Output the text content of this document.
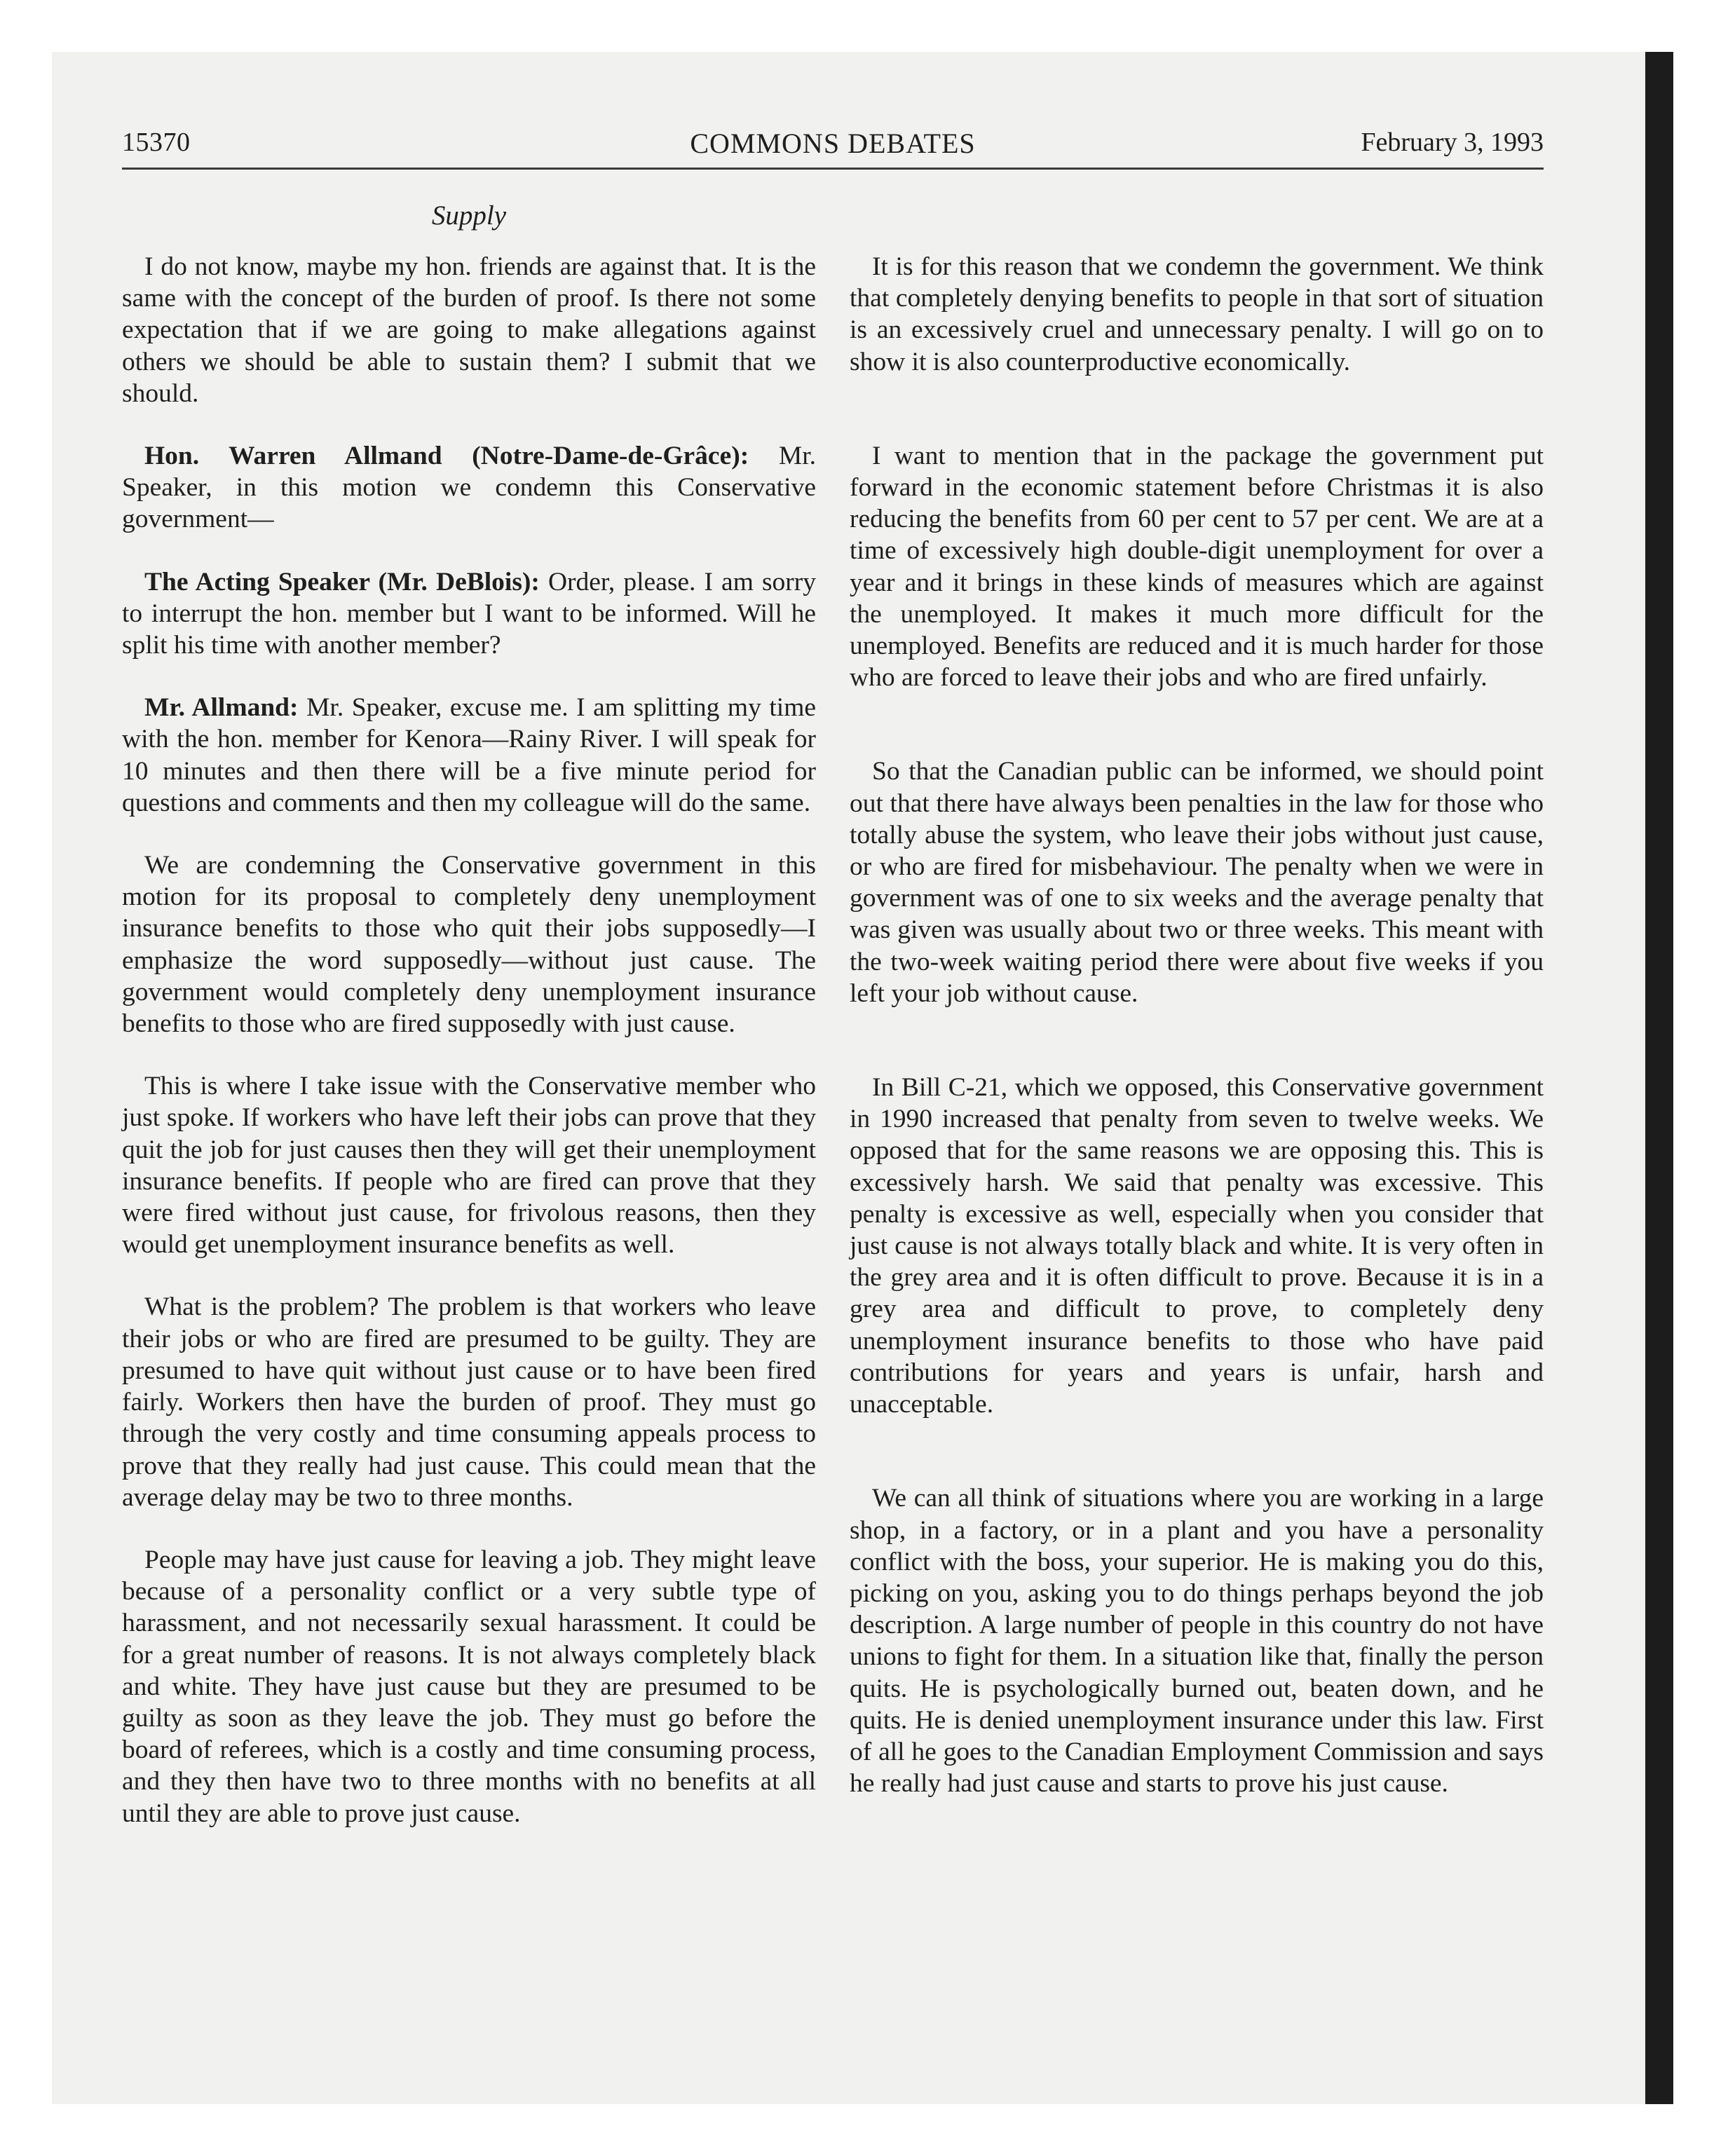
15370	COMMONS DEBATES	February 3, 1993
Supply

I do not know, maybe my hon. friends are against that. It is the same with the concept of the burden of proof. Is there not some expectation that if we are going to make allegations against others we should be able to sustain them? I submit that we should.

Hon. Warren Allmand (Notre-Dame-de-Grâce): Mr. Speaker, in this motion we condemn this Conservative government—

The Acting Speaker (Mr. DeBlois): Order, please. I am sorry to interrupt the hon. member but I want to be informed. Will he split his time with another member?

Mr. Allmand: Mr. Speaker, excuse me. I am splitting my time with the hon. member for Kenora—Rainy River. I will speak for 10 minutes and then there will be a five minute period for questions and comments and then my colleague will do the same.

We are condemning the Conservative government in this motion for its proposal to completely deny unemployment insurance benefits to those who quit their jobs supposedly—I emphasize the word supposedly—without just cause. The government would completely deny unemployment insurance benefits to those who are fired supposedly with just cause.

This is where I take issue with the Conservative member who just spoke. If workers who have left their jobs can prove that they quit the job for just causes then they will get their unemployment insurance benefits. If people who are fired can prove that they were fired without just cause, for frivolous reasons, then they would get unemployment insurance benefits as well.

What is the problem? The problem is that workers who leave their jobs or who are fired are presumed to be guilty. They are presumed to have quit without just cause or to have been fired fairly. Workers then have the burden of proof. They must go through the very costly and time consuming appeals process to prove that they really had just cause. This could mean that the average delay may be two to three months.

People may have just cause for leaving a job. They might leave because of a personality conflict or a very subtle type of harassment, and not necessarily sexual harassment. It could be for a great number of reasons. It is not always completely black and white. They have just cause but they are presumed to be guilty as soon as they leave the job. They must go before the board of referees, which is a costly and time consuming process, and they then have two to three months with no benefits at all until they are able to prove just cause.

It is for this reason that we condemn the government. We think that completely denying benefits to people in that sort of situation is an excessively cruel and unnecessary penalty. I will go on to show it is also counterproductive economically.

I want to mention that in the package the government put forward in the economic statement before Christmas it is also reducing the benefits from 60 per cent to 57 per cent. We are at a time of excessively high double-digit unemployment for over a year and it brings in these kinds of measures which are against the unemployed. It makes it much more difficult for the unemployed. Benefits are reduced and it is much harder for those who are forced to leave their jobs and who are fired unfairly.

So that the Canadian public can be informed, we should point out that there have always been penalties in the law for those who totally abuse the system, who leave their jobs without just cause, or who are fired for misbehaviour. The penalty when we were in government was of one to six weeks and the average penalty that was given was usually about two or three weeks. This meant with the two-week waiting period there were about five weeks if you left your job without cause.

In Bill C-21, which we opposed, this Conservative government in 1990 increased that penalty from seven to twelve weeks. We opposed that for the same reasons we are opposing this. This is excessively harsh. We said that penalty was excessive. This penalty is excessive as well, especially when you consider that just cause is not always totally black and white. It is very often in the grey area and it is often difficult to prove. Because it is in a grey area and difficult to prove, to completely deny unemployment insurance benefits to those who have paid contributions for years and years is unfair, harsh and unacceptable.

We can all think of situations where you are working in a large shop, in a factory, or in a plant and you have a personality conflict with the boss, your superior. He is making you do this, picking on you, asking you to do things perhaps beyond the job description. A large number of people in this country do not have unions to fight for them. In a situation like that, finally the person quits. He is psychologically burned out, beaten down, and he quits. He is denied unemployment insurance under this law. First of all he goes to the Canadian Employment Commission and says he really had just cause and starts to prove his just cause.
